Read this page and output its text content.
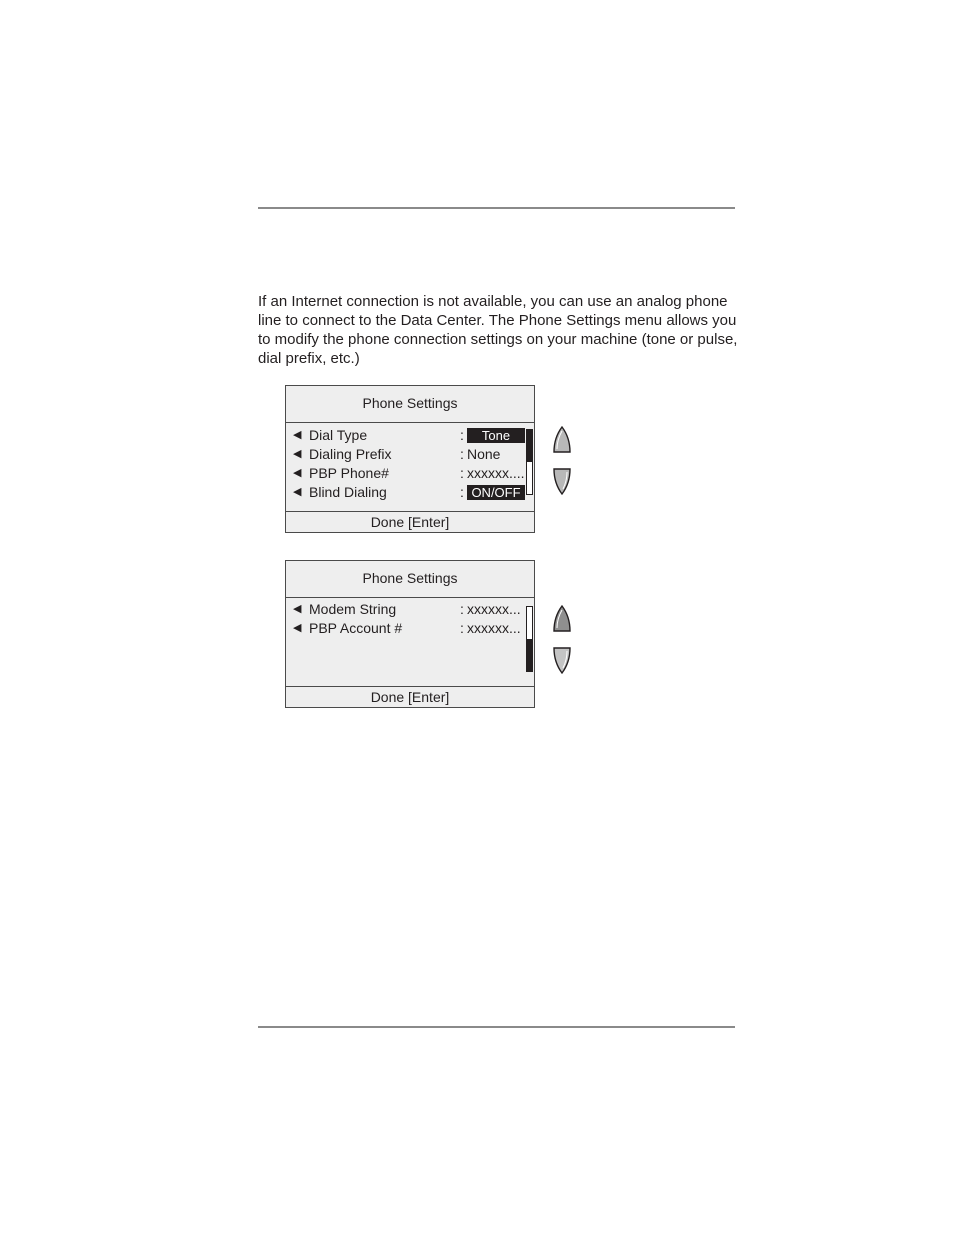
If an Internet connection is not available, you can use an analog phone line to connect to the Data Center. The Phone Settings menu allows you to modify the phone connection settings on your machine (tone or pulse, dial prefix, etc.)

Phone Settings
◀ Dial Type	:	Tone
◀ Dialing Prefix	: None
◀ PBP Phone#	: xxxxxx....
◀ Blind Dialing	: ON/OFF
Done [Enter]
Phone Settings
◀ Modem String	: xxxxxx...
◀ PBP Account #	: xxxxxx...
Done [Enter]
